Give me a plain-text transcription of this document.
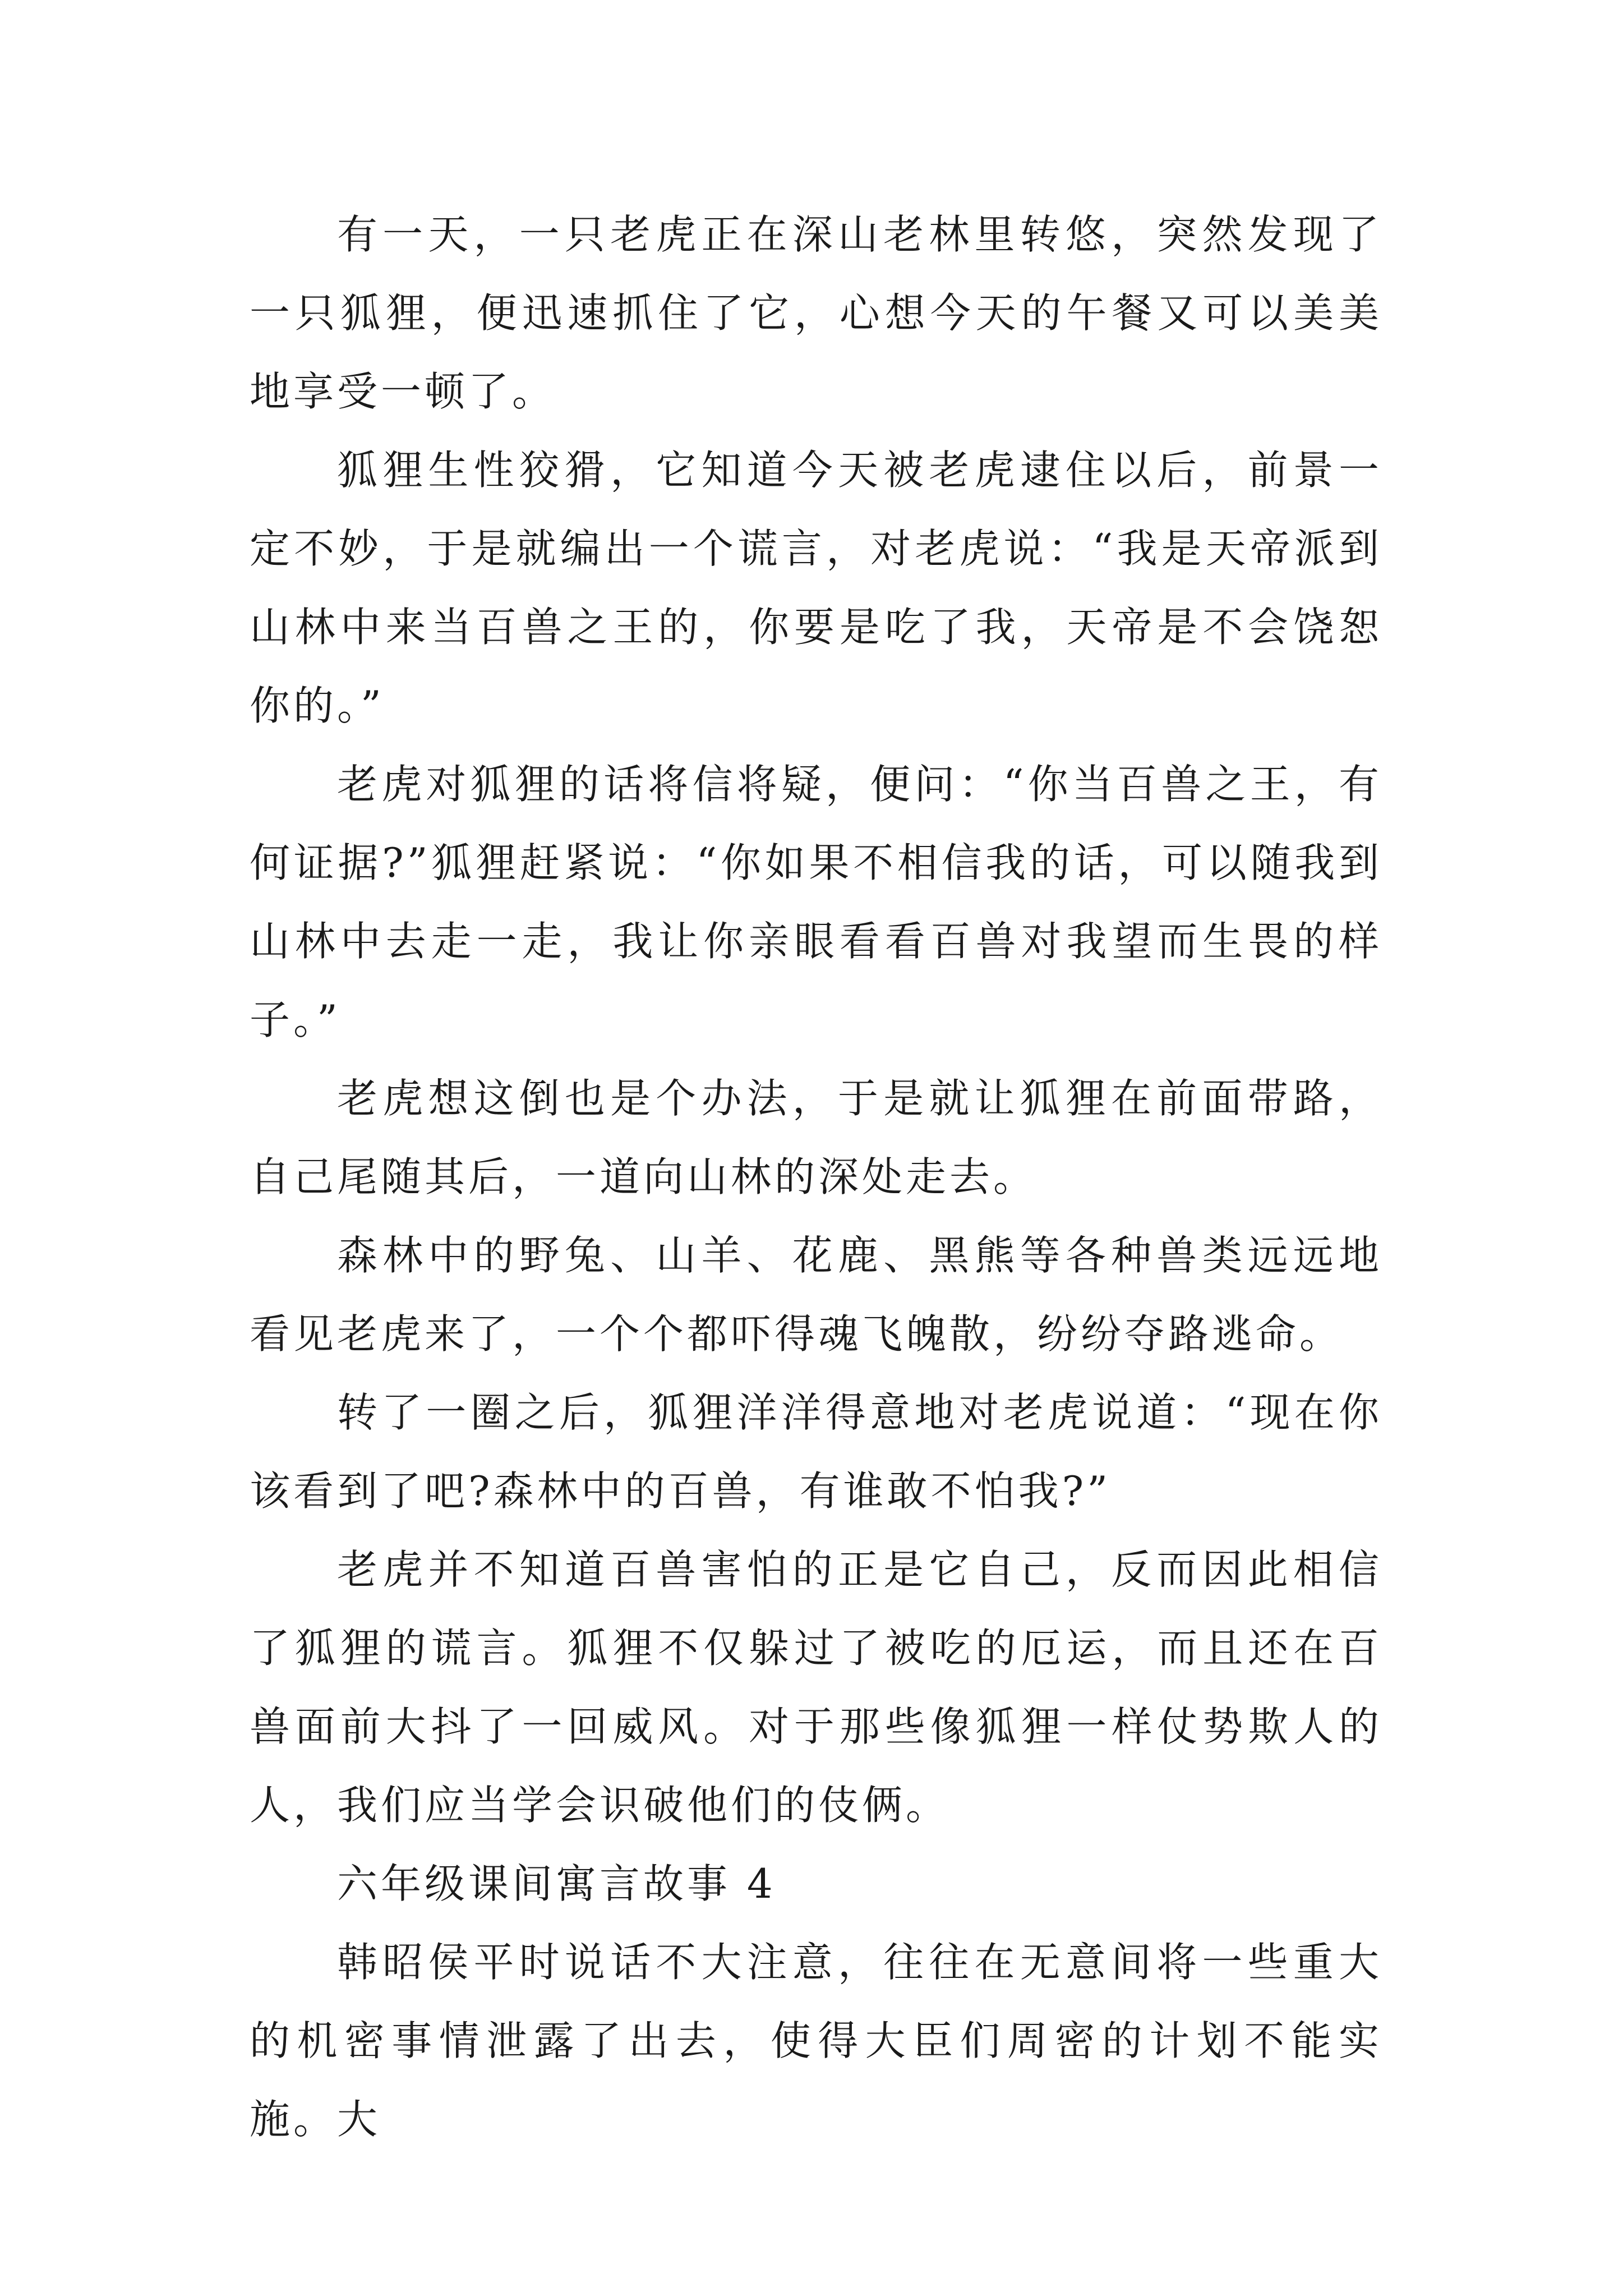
有一天，一只老虎正在深山老林里转悠，突然发现了一只狐狸，便迅速抓住了它，心想今天的午餐又可以美美地享受一顿了。

狐狸生性狡猾，它知道今天被老虎逮住以后，前景一定不妙，于是就编出一个谎言，对老虎说：“我是天帝派到山林中来当百兽之王的，你要是吃了我，天帝是不会饶恕你的。”

老虎对狐狸的话将信将疑，便问：“你当百兽之王，有何证据?”狐狸赶紧说：“你如果不相信我的话，可以随我到山林中去走一走，我让你亲眼看看百兽对我望而生畏的样子。”

老虎想这倒也是个办法，于是就让狐狸在前面带路，自己尾随其后，一道向山林的深处走去。

森林中的野兔、山羊、花鹿、黑熊等各种兽类远远地看见老虎来了，一个个都吓得魂飞魄散，纷纷夺路逃命。

转了一圈之后，狐狸洋洋得意地对老虎说道：“现在你该看到了吧?森林中的百兽，有谁敢不怕我?”

老虎并不知道百兽害怕的正是它自己，反而因此相信了狐狸的谎言。狐狸不仅躲过了被吃的厄运，而且还在百兽面前大抖了一回威风。对于那些像狐狸一样仗势欺人的人，我们应当学会识破他们的伎俩。

六年级课间寓言故事 4

韩昭侯平时说话不大注意，往往在无意间将一些重大的机密事情泄露了出去，使得大臣们周密的计划不能实施。大
